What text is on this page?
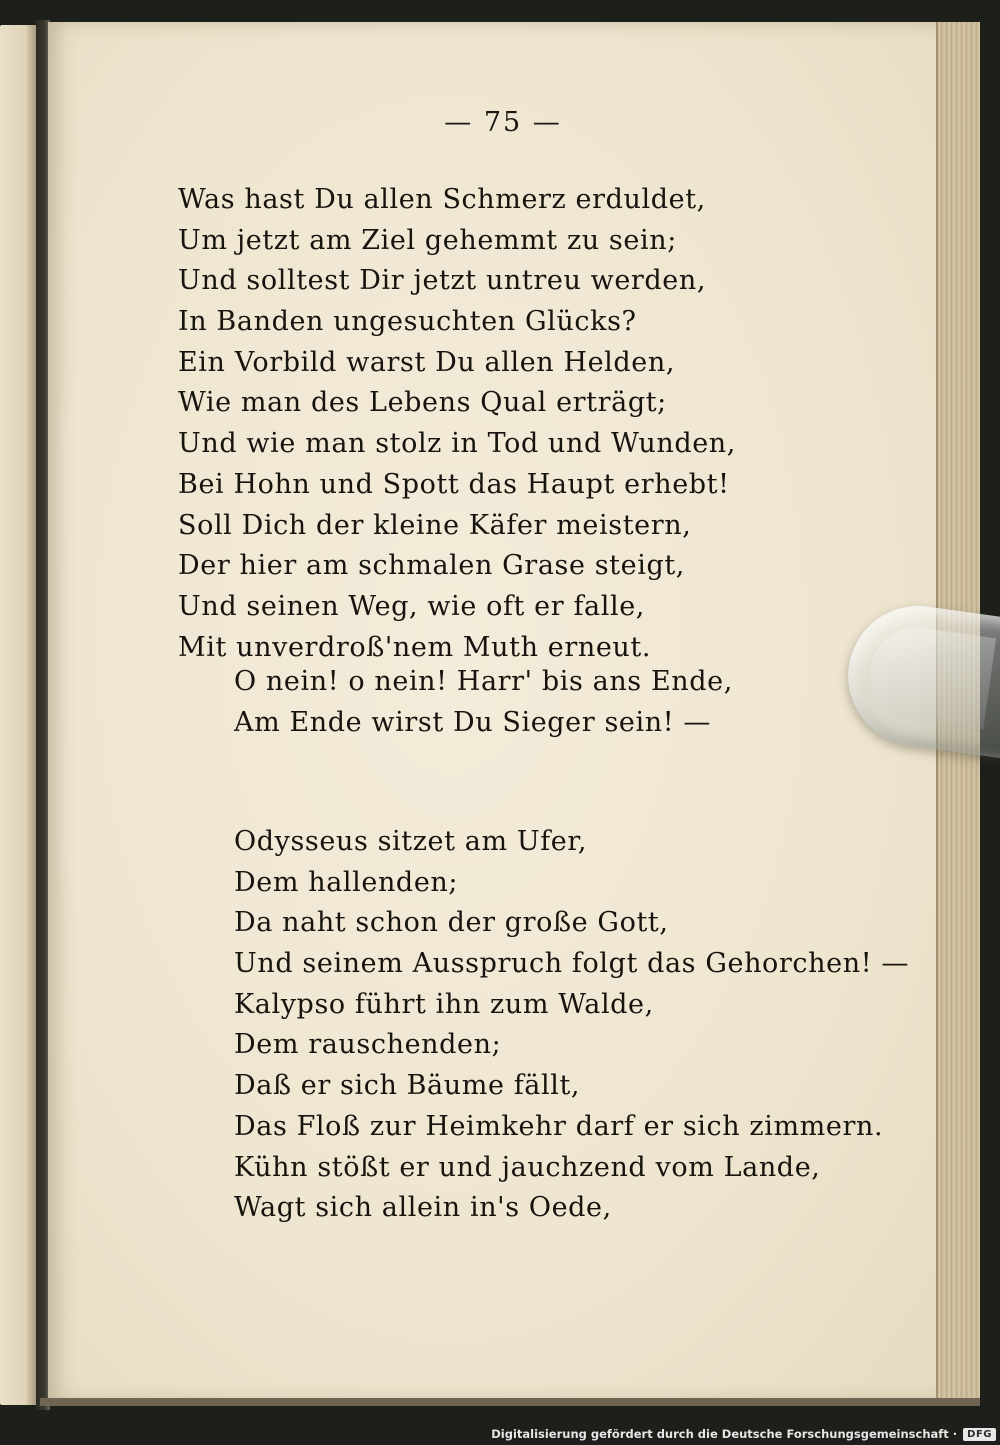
— 75 —
Was hast Du allen Schmerz erduldet,
Um jetzt am Ziel gehemmt zu sein;
Und solltest Dir jetzt untreu werden,
In Banden ungesuchten Glücks?
Ein Vorbild warst Du allen Helden,
Wie man des Lebens Qual erträgt;
Und wie man stolz in Tod und Wunden,
Bei Hohn und Spott das Haupt erhebt!
Soll Dich der kleine Käfer meistern,
Der hier am schmalen Grase steigt,
Und seinen Weg, wie oft er falle,
Mit unverdroß'nem Muth erneut.
O nein! o nein! Harr' bis ans Ende,
Am Ende wirst Du Sieger sein! —
Odysseus sitzet am Ufer,
Dem hallenden;
Da naht schon der große Gott,
Und seinem Ausspruch folgt das Gehorchen! —
Kalypso führt ihn zum Walde,
Dem rauschenden;
Daß er sich Bäume fällt,
Das Floß zur Heimkehr darf er sich zimmern.
Kühn stößt er und jauchzend vom Lande,
Wagt sich allein in's Oede,
Digitalisierung gefördert durch die Deutsche Forschungsgemeinschaft ·	DFG
